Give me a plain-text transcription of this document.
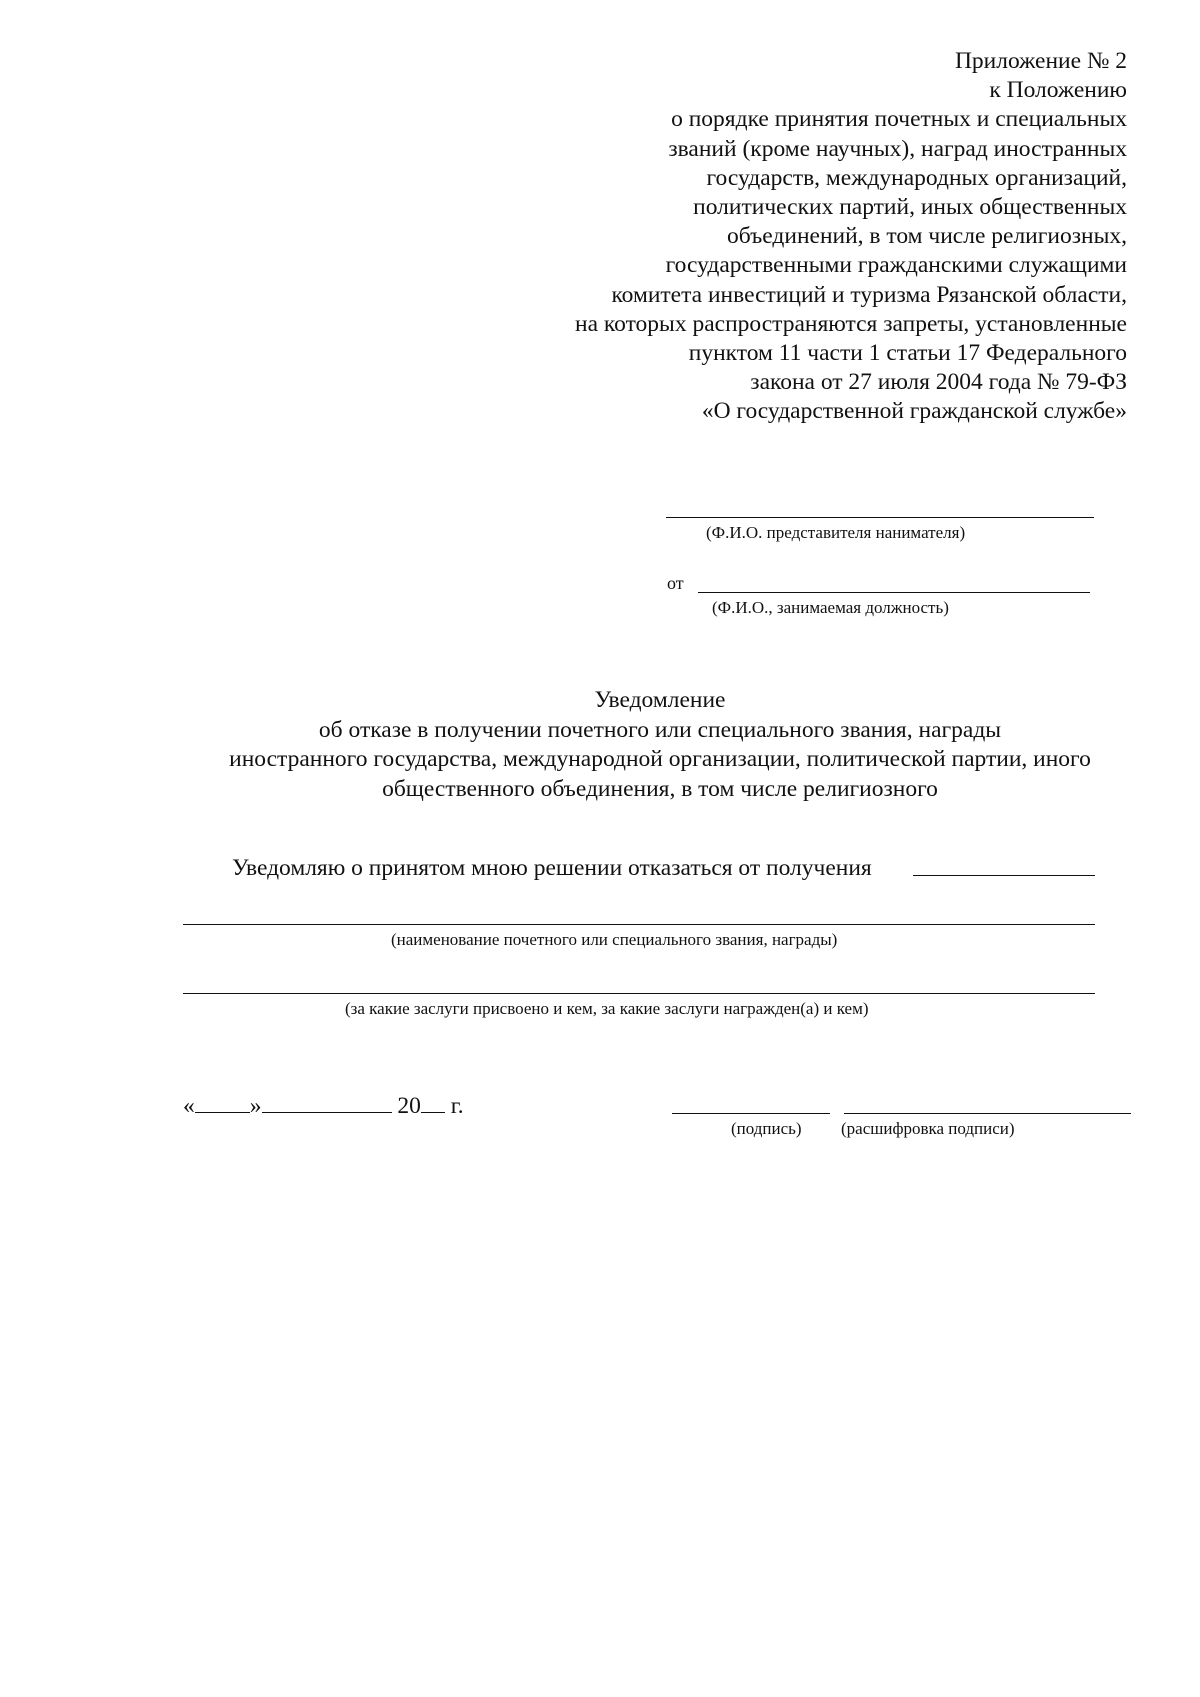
Приложение № 2
к Положению
о порядке принятия почетных и специальных
званий (кроме научных), наград иностранных
государств, международных организаций,
политических партий, иных общественных
объединений, в том числе религиозных,
государственными гражданскими служащими
комитета инвестиций и туризма Рязанской области,
на которых распространяются запреты, установленные
пунктом 11 части 1 статьи 17 Федерального
закона от 27 июля 2004 года № 79-ФЗ
«О государственной гражданской службе»
(Ф.И.О. представителя нанимателя)
от
(Ф.И.О., занимаемая должность)
Уведомление
об отказе в получении почетного или специального звания, награды
иностранного государства, международной организации, политической партии, иного
общественного объединения, в том числе религиозного
Уведомляю о принятом мною решении отказаться от получения
(наименование почетного или специального звания, награды)
(за какие заслуги присвоено и кем, за какие заслуги награжден(а) и кем)
« »	20 г.
(подпись) (расшифровка подписи)
